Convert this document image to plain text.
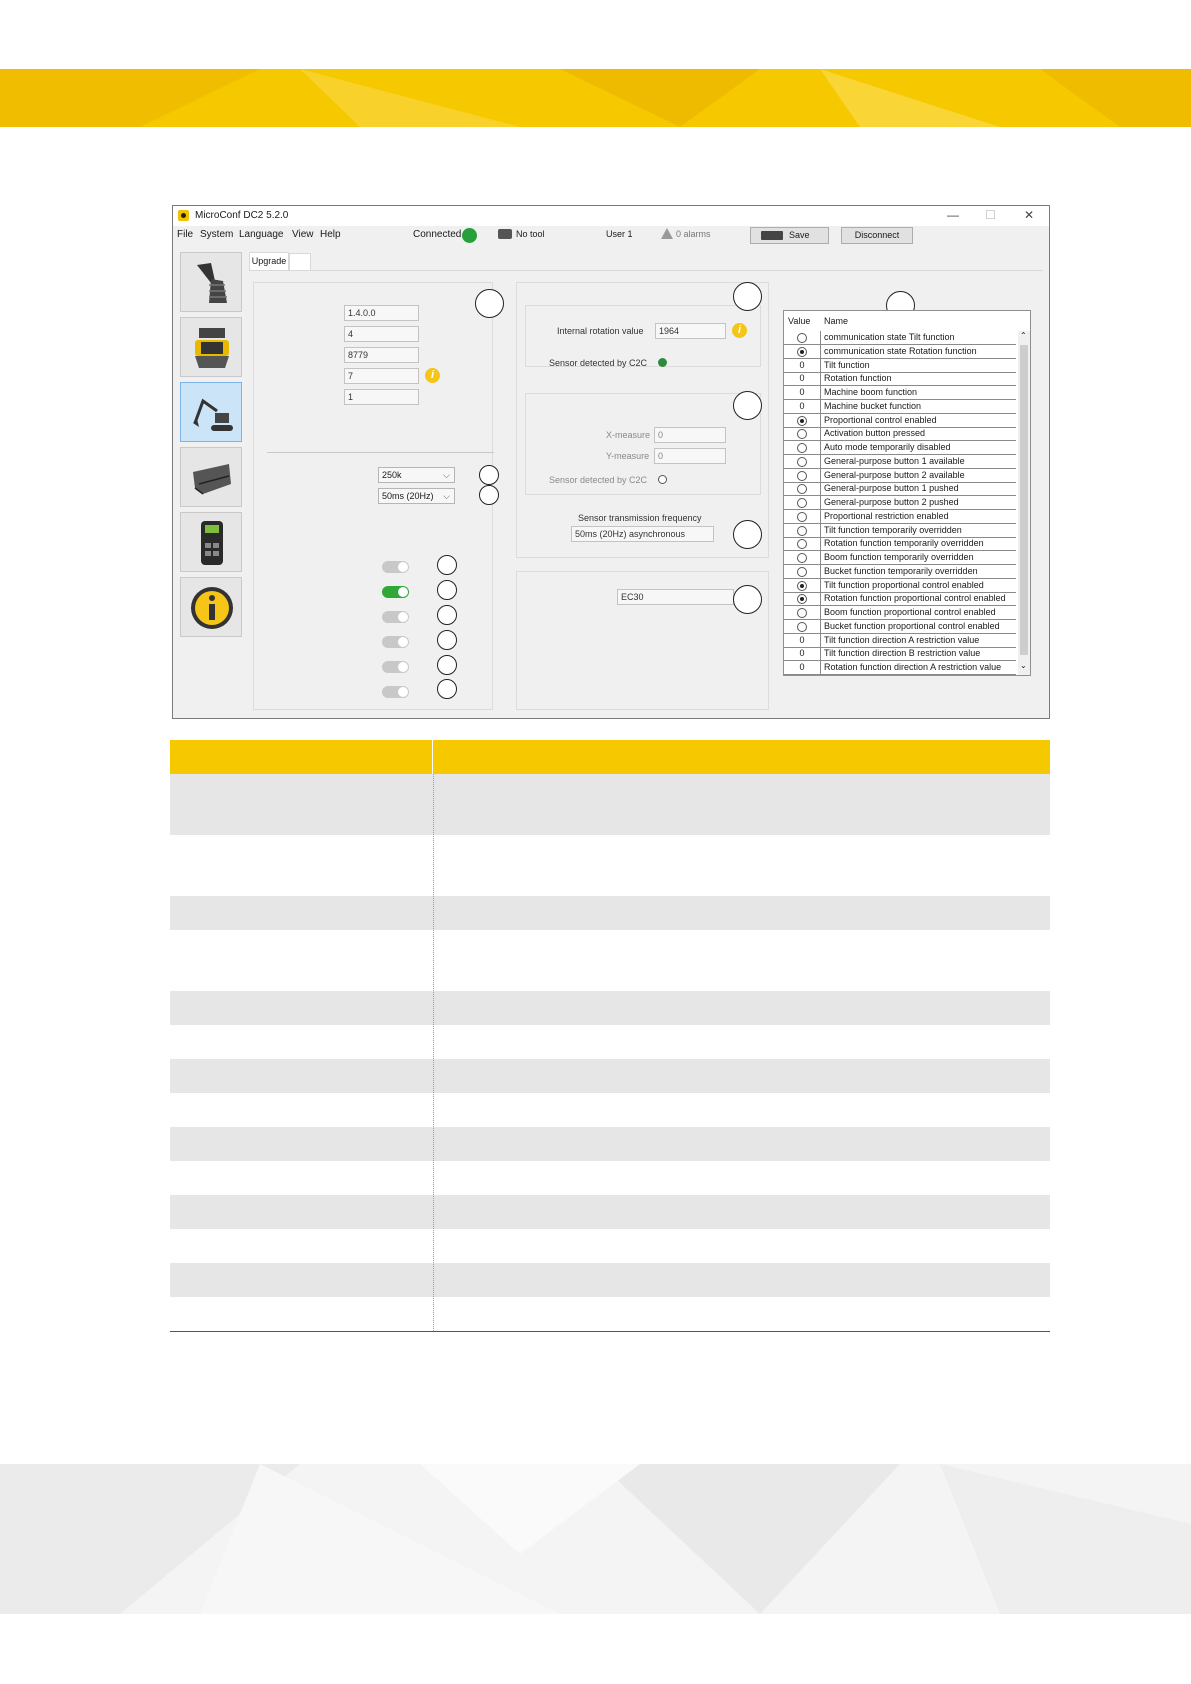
MicroConf DC2 5.2.0	— ☐ ✕
File System Language View Help	Connected	No tool	User 1	0 alarms	Save	Disconnect
Upgrade
1.4.0.0
4
8779
7	i
1
250k	⌵
50ms (20Hz) ⌵
Internal rotation value	1964	i
Sensor detected by C2C
X-measure 0
Y-measure 0
Sensor detected by C2C
Sensor transmission frequency
50ms (20Hz) asynchronous
EC30
Value Name
communication state Tilt function
communication state Rotation function
0	Tilt function
0	Rotation function
0	Machine boom function
0	Machine bucket function
Proportional control enabled
Activation button pressed
Auto mode temporarily disabled
General-purpose button 1 available
General-purpose button 2 available
General-purpose button 1 pushed
General-purpose button 2 pushed
Proportional restriction enabled
Tilt function temporarily overridden
Rotation function temporarily overridden
Boom function temporarily overridden
Bucket function temporarily overridden
Tilt function proportional control enabled
Rotation function proportional control enabled
Boom function proportional control enabled
Bucket function proportional control enabled
0	Tilt function direction A restriction value
0	Tilt function direction B restriction value
0	Rotation function direction A restriction value
⌃
⌄
